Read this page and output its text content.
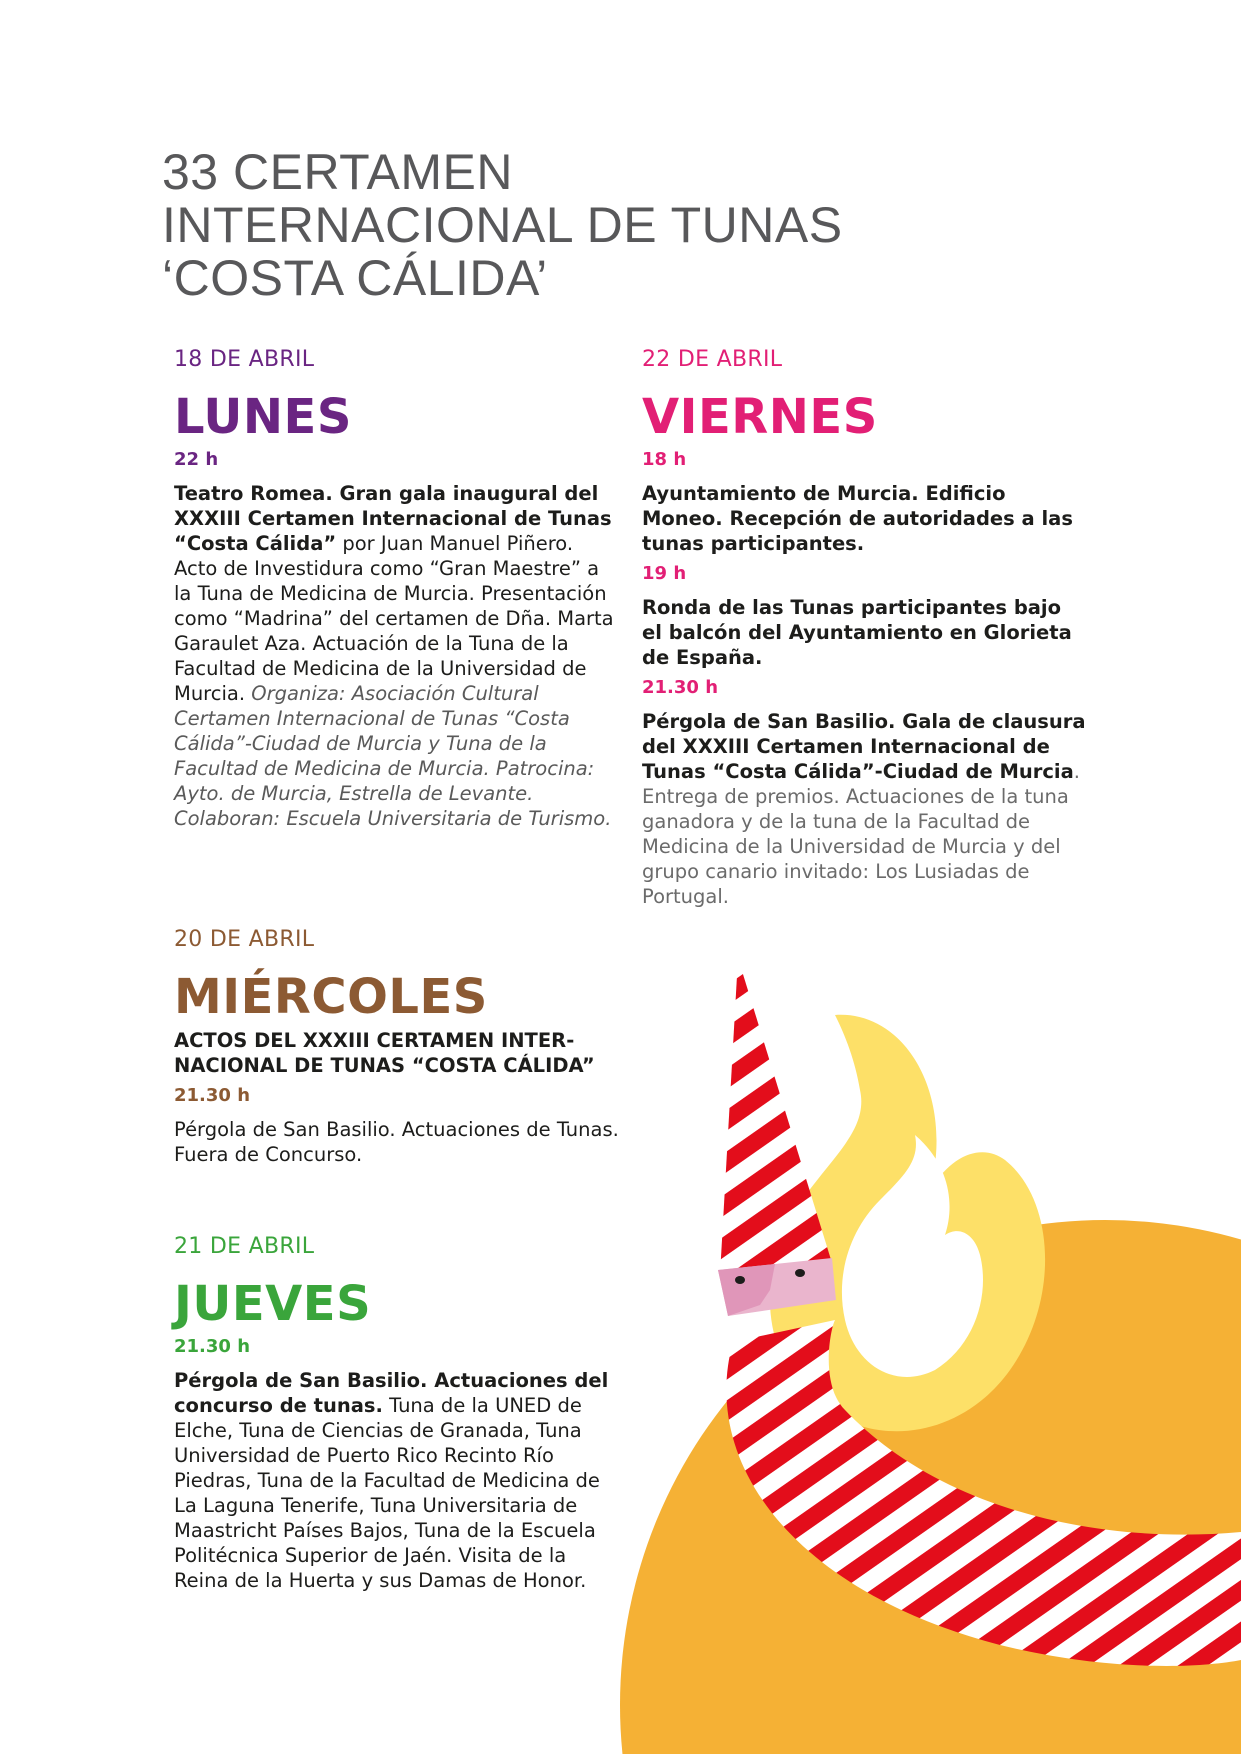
33 CERTAMEN
INTERNACIONAL DE TUNAS
‘COSTA CÁLIDA’
18 DE ABRIL
LUNES
22 h
Teatro Romea. Gran gala inaugural del XXXIII Certamen Internacional de Tunas “Costa Cálida” por Juan Manuel Piñero. Acto de Investidura como “Gran Maestre” a la Tuna de Medicina de Murcia. Presentación como “Madrina” del certamen de Dña. Marta Garaulet Aza. Actuación de la Tuna de la Facultad de Medicina de la Universidad de Murcia. Organiza: Asociación Cultural Certamen Internacional de Tunas “Costa Cálida”-Ciudad de Murcia y Tuna de la Facultad de Medicina de Murcia. Patrocina: Ayto. de Murcia, Estrella de Levante. Colaboran: Escuela Universitaria de Turismo.
22 DE ABRIL
VIERNES
18 h
Ayuntamiento de Murcia. Edificio Moneo. Recepción de autoridades a las tunas participantes.
19 h
Ronda de las Tunas participantes bajo el balcón del Ayuntamiento en Glorieta de España.
21.30 h
Pérgola de San Basilio. Gala de clausura del XXXIII Certamen Internacional de Tunas “Costa Cálida”-Ciudad de Murcia. Entrega de premios. Actuaciones de la tuna ganadora y de la tuna de la Facultad de Medicina de la Universidad de Murcia y del grupo canario invitado: Los Lusiadas de Portugal.
20 DE ABRIL
MIÉRCOLES
ACTOS DEL XXXIII CERTAMEN INTER-NACIONAL DE TUNAS “COSTA CÁLIDA”
21.30 h
Pérgola de San Basilio. Actuaciones de Tunas. Fuera de Concurso.
21 DE ABRIL
JUEVES
21.30 h
Pérgola de San Basilio. Actuaciones del concurso de tunas. Tuna de la UNED de Elche, Tuna de Ciencias de Granada, Tuna Universidad de Puerto Rico Recinto Río Piedras, Tuna de la Facultad de Medicina de La Laguna Tenerife, Tuna Universitaria de Maastricht Países Bajos, Tuna de la Escuela Politécnica Superior de Jaén. Visita de la Reina de la Huerta y sus Damas de Honor.
